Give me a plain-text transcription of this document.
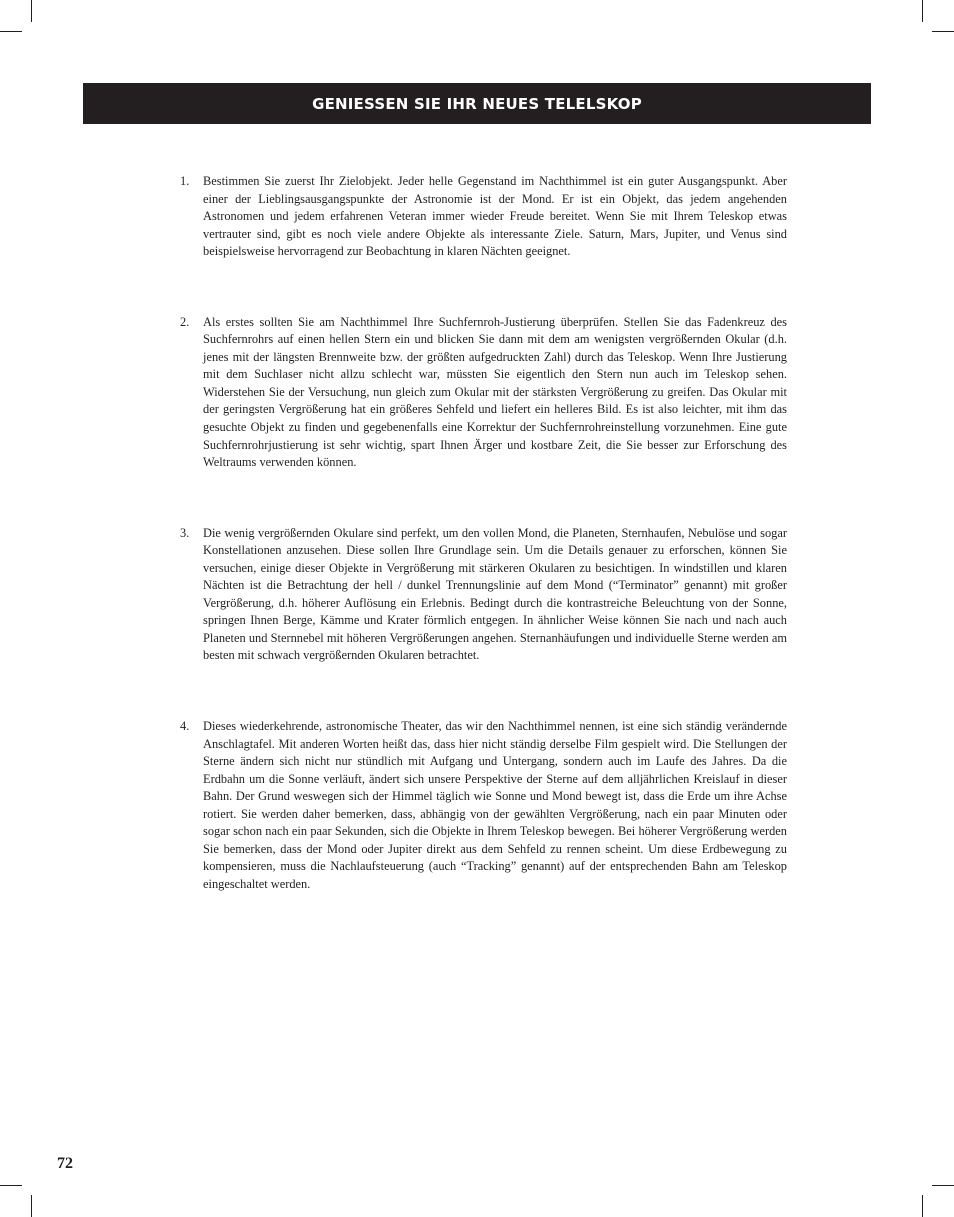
GENIESSEN SIE IHR NEUES TELELSKOP
1. Bestimmen Sie zuerst Ihr Zielobjekt. Jeder helle Gegenstand im Nachthimmel ist ein guter Ausgangspunkt. Aber einer der Lieblingsausgangspunkte der Astronomie ist der Mond. Er ist ein Objekt, das jedem angehenden Astronomen und jedem erfahrenen Veteran immer wieder Freude bereitet. Wenn Sie mit Ihrem Teleskop etwas vertrauter sind, gibt es noch viele andere Objekte als interessante Ziele. Saturn, Mars, Jupiter, und Venus sind beispielsweise hervorragend zur Beobachtung in klaren Nächten geeignet.
2. Als erstes sollten Sie am Nachthimmel Ihre Suchfernroh-Justierung überprüfen. Stellen Sie das Fadenkreuz des Suchfernrohrs auf einen hellen Stern ein und blicken Sie dann mit dem am wenigsten vergrößernden Okular (d.h. jenes mit der längsten Brennweite bzw. der größten aufgedruckten Zahl) durch das Teleskop. Wenn Ihre Justierung mit dem Suchlaser nicht allzu schlecht war, müssten Sie eigentlich den Stern nun auch im Teleskop sehen. Widerstehen Sie der Versuchung, nun gleich zum Okular mit der stärksten Vergrößerung zu greifen. Das Okular mit der geringsten Vergrößerung hat ein größeres Sehfeld und liefert ein helleres Bild. Es ist also leichter, mit ihm das gesuchte Objekt zu finden und gegebenenfalls eine Korrektur der Suchfernrohreinstellung vorzunehmen. Eine gute Suchfernrohrjustierung ist sehr wichtig, spart Ihnen Ärger und kostbare Zeit, die Sie besser zur Erforschung des Weltraums verwenden können.
3. Die wenig vergrößernden Okulare sind perfekt, um den vollen Mond, die Planeten, Sternhaufen, Nebulöse und sogar Konstellationen anzusehen. Diese sollen Ihre Grundlage sein. Um die Details genauer zu erforschen, können Sie versuchen, einige dieser Objekte in Vergrößerung mit stärkeren Okularen zu besichtigen. In windstillen und klaren Nächten ist die Betrachtung der hell / dunkel Trennungslinie auf dem Mond (“Terminator” genannt) mit großer Vergrößerung, d.h. höherer Auflösung ein Erlebnis. Bedingt durch die kontrastreiche Beleuchtung von der Sonne, springen Ihnen Berge, Kämme und Krater förmlich entgegen. In ähnlicher Weise können Sie nach und nach auch Planeten und Sternnebel mit höheren Vergrößerungen angehen. Sternanhäufungen und individuelle Sterne werden am besten mit schwach vergrößernden Okularen betrachtet.
4. Dieses wiederkehrende, astronomische Theater, das wir den Nachthimmel nennen, ist eine sich ständig verändernde Anschlagtafel. Mit anderen Worten heißt das, dass hier nicht ständig derselbe Film gespielt wird. Die Stellungen der Sterne ändern sich nicht nur stündlich mit Aufgang und Untergang, sondern auch im Laufe des Jahres. Da die Erdbahn um die Sonne verläuft, ändert sich unsere Perspektive der Sterne auf dem alljährlichen Kreislauf in dieser Bahn. Der Grund weswegen sich der Himmel täglich wie Sonne und Mond bewegt ist, dass die Erde um ihre Achse rotiert. Sie werden daher bemerken, dass, abhängig von der gewählten Vergrößerung, nach ein paar Minuten oder sogar schon nach ein paar Sekunden, sich die Objekte in Ihrem Teleskop bewegen. Bei höherer Vergrößerung werden Sie bemerken, dass der Mond oder Jupiter direkt aus dem Sehfeld zu rennen scheint. Um diese Erdbewegung zu kompensieren, muss die Nachlaufsteuerung (auch “Tracking” genannt) auf der entsprechenden Bahn am Teleskop eingeschaltet werden.
72
